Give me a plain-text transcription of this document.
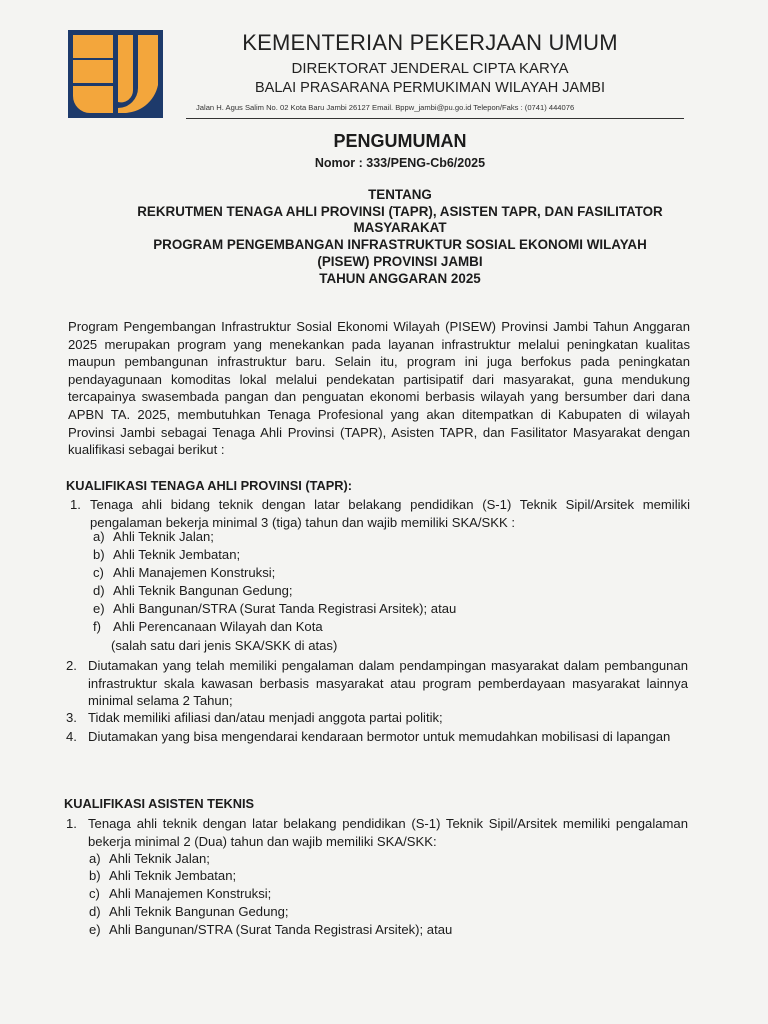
KEMENTERIAN PEKERJAAN UMUM
DIREKTORAT JENDERAL CIPTA KARYA
BALAI PRASARANA PERMUKIMAN WILAYAH JAMBI
Jalan H. Agus Salim No. 02 Kota Baru Jambi 26127 Email. Bppw_jambi@pu.go.id Telepon/Faks : (0741) 444076
PENGUMUMAN
Nomor : 333/PENG-Cb6/2025
TENTANG
REKRUTMEN TENAGA AHLI PROVINSI (TAPR), ASISTEN TAPR, DAN FASILITATOR
MASYARAKAT
PROGRAM PENGEMBANGAN INFRASTRUKTUR SOSIAL EKONOMI WILAYAH
(PISEW) PROVINSI JAMBI
TAHUN ANGGARAN 2025
Program Pengembangan Infrastruktur Sosial Ekonomi Wilayah (PISEW) Provinsi Jambi Tahun Anggaran 2025 merupakan program yang menekankan pada layanan infrastruktur melalui peningkatan kualitas maupun pembangunan infrastruktur baru. Selain itu, program ini juga berfokus pada peningkatan pendayagunaan komoditas lokal melalui pendekatan partisipatif dari masyarakat, guna mendukung tercapainya swasembada pangan dan penguatan ekonomi berbasis wilayah yang bersumber dari dana APBN TA. 2025, membutuhkan Tenaga Profesional yang akan ditempatkan di Kabupaten di wilayah Provinsi Jambi sebagai Tenaga Ahli Provinsi (TAPR), Asisten TAPR, dan Fasilitator Masyarakat dengan kualifikasi sebagai berikut :
KUALIFIKASI TENAGA AHLI PROVINSI (TAPR):
1. Tenaga ahli bidang teknik dengan latar belakang pendidikan (S-1) Teknik Sipil/Arsitek memiliki pengalaman bekerja minimal 3 (tiga) tahun dan wajib memiliki SKA/SKK :
a) Ahli Teknik Jalan;
b) Ahli Teknik Jembatan;
c) Ahli Manajemen Konstruksi;
d) Ahli Teknik Bangunan Gedung;
e) Ahli Bangunan/STRA (Surat Tanda Registrasi Arsitek); atau
f) Ahli Perencanaan Wilayah dan Kota
(salah satu dari jenis SKA/SKK di atas)
2. Diutamakan yang telah memiliki pengalaman dalam pendampingan masyarakat dalam pembangunan infrastruktur skala kawasan berbasis masyarakat atau program pemberdayaan masyarakat lainnya minimal selama 2 Tahun;
3. Tidak memiliki afiliasi dan/atau menjadi anggota partai politik;
4. Diutamakan yang bisa mengendarai kendaraan bermotor untuk memudahkan mobilisasi di lapangan
KUALIFIKASI ASISTEN TEKNIS
1. Tenaga ahli teknik dengan latar belakang pendidikan (S-1) Teknik Sipil/Arsitek memiliki pengalaman bekerja minimal 2 (Dua) tahun dan wajib memiliki SKA/SKK:
a) Ahli Teknik Jalan;
b) Ahli Teknik Jembatan;
c) Ahli Manajemen Konstruksi;
d) Ahli Teknik Bangunan Gedung;
e) Ahli Bangunan/STRA (Surat Tanda Registrasi Arsitek); atau
